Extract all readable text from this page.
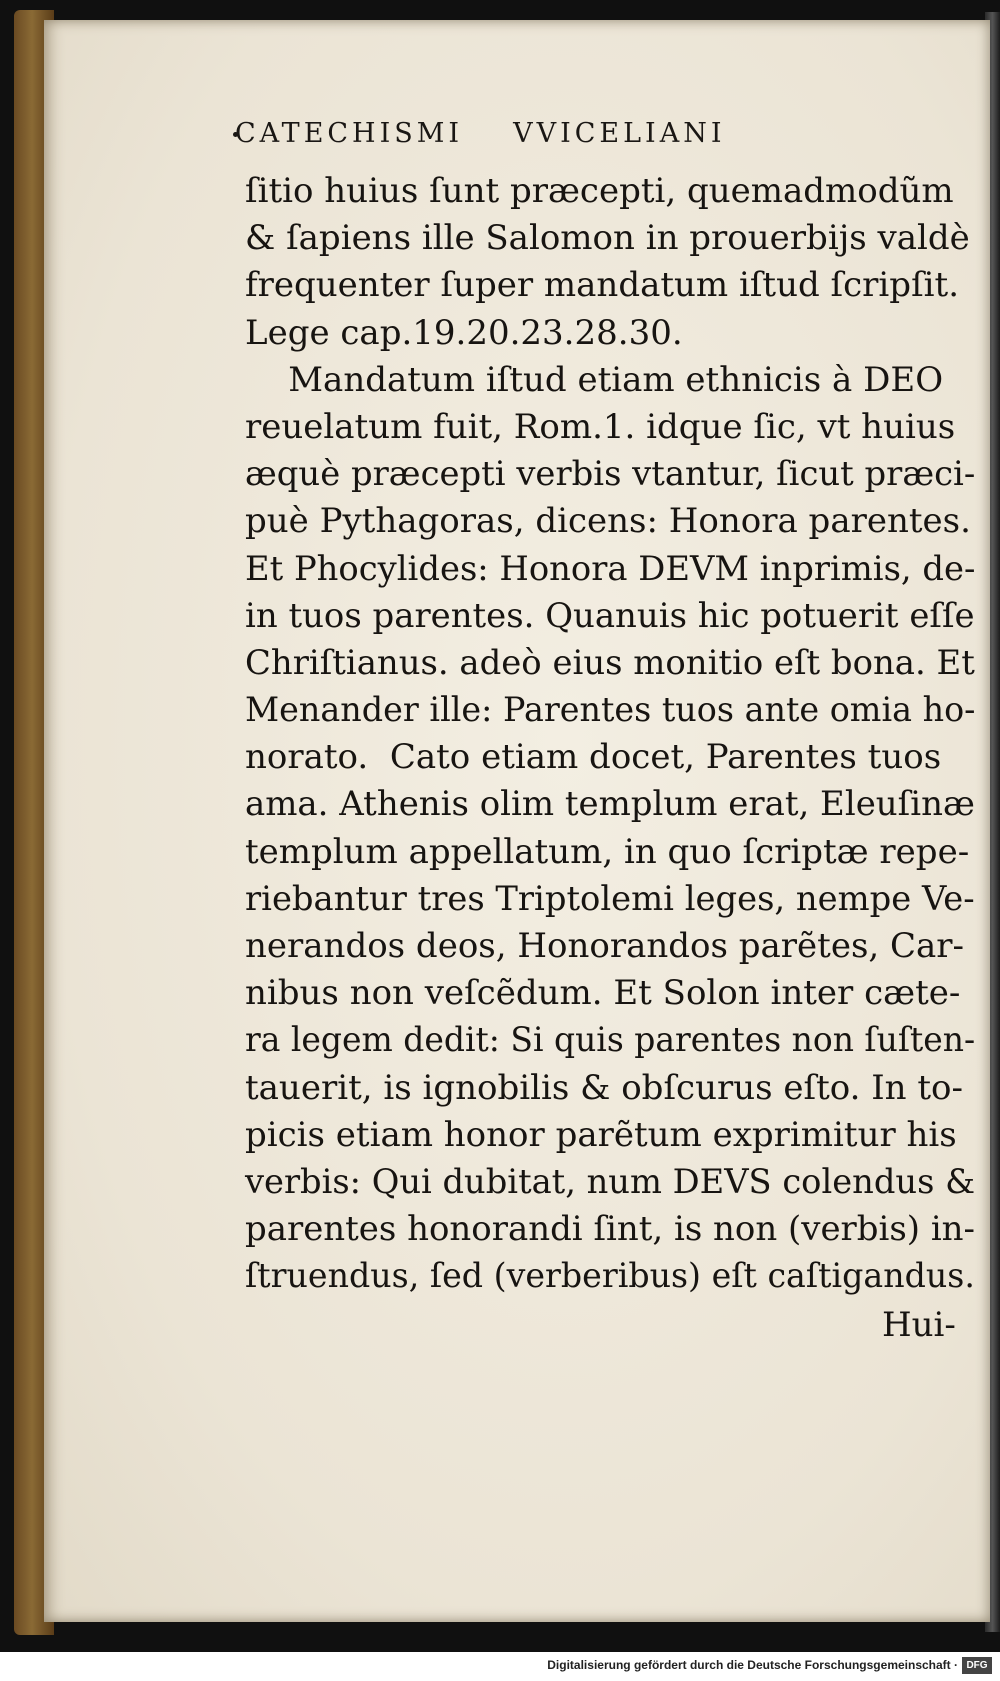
CATECHISMI VVICELIANI
ſitio huius ſunt præcepti, quemadmodũm
& ſapiens ille Salomon in prouerbijs valdè
frequenter ſuper mandatum iſtud ſcripſit.
Lege cap.19.20.23.28.30.
Mandatum iſtud etiam ethnicis à DEO
reuelatum fuit, Rom.1. idque ſic, vt huius
æquè præcepti verbis vtantur, ſicut præci-
puè Pythagoras, dicens: Honora parentes.
Et Phocylides: Honora DEVM inprimis, de-
in tuos parentes. Quanuis hic potuerit eſſe
Chriſtianus. adeò eius monitio eſt bona. Et
Menander ille: Parentes tuos ante omia ho-
norato.  Cato etiam docet, Parentes tuos
ama. Athenis olim templum erat, Eleuſinæ
templum appellatum, in quo ſcriptæ repe-
riebantur tres Triptolemi leges, nempe Ve-
nerandos deos, Honorandos parẽtes, Car-
nibus non veſcẽdum. Et Solon inter cæte-
ra legem dedit: Si quis parentes non ſuſten-
tauerit, is ignobilis & obſcurus eſto. In to-
picis etiam honor parẽtum exprimitur his
verbis: Qui dubitat, num DEVS colendus &
parentes honorandi ſint, is non (verbis) in-
ſtruendus, ſed (verberibus) eſt caſtigandus.
Hui-
Digitalisierung gefördert durch die Deutsche Forschungsgemeinschaft · DFG
